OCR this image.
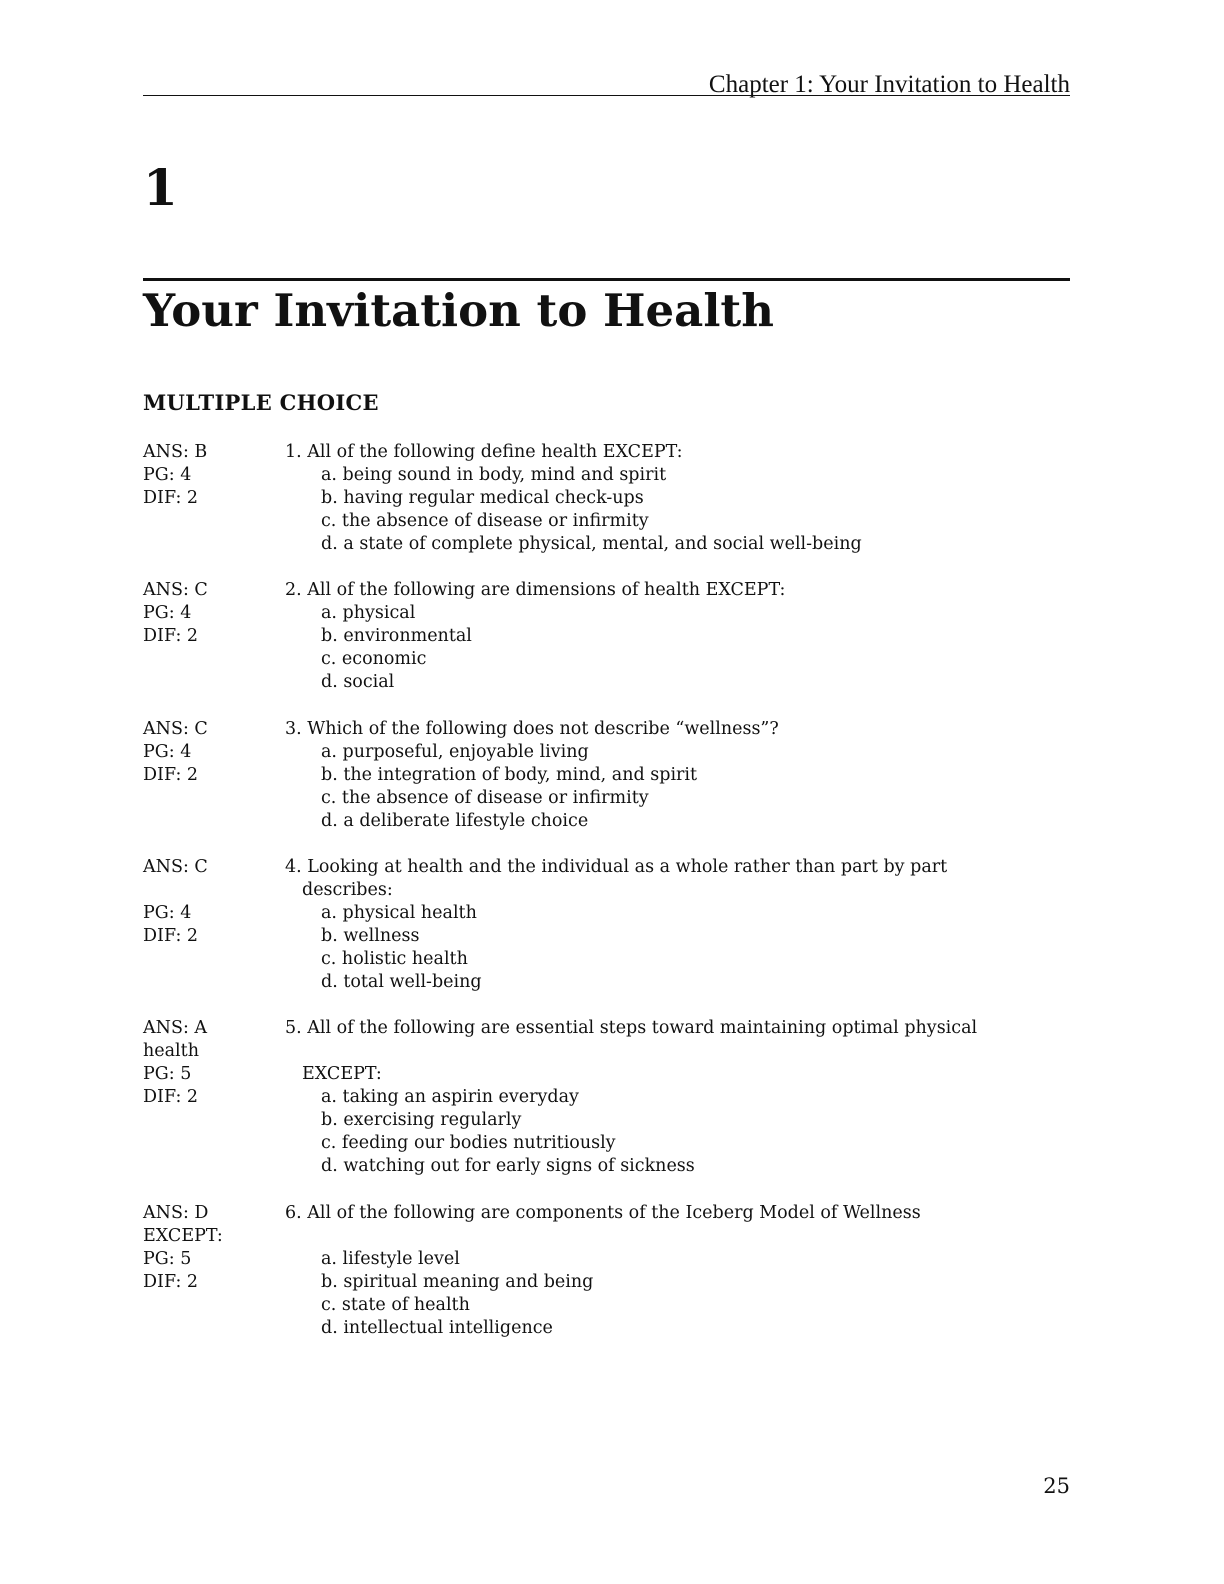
Chapter 1: Your Invitation to Health
1
Your Invitation to Health
MULTIPLE CHOICE
ANS: B
PG: 4
DIF: 2
1. All of the following define health EXCEPT:
a. being sound in body, mind and spirit
b. having regular medical check-ups
c. the absence of disease or infirmity
d. a state of complete physical, mental, and social well-being
ANS: C
PG: 4
DIF: 2
2. All of the following are dimensions of health EXCEPT:
a. physical
b. environmental
c. economic
d. social
ANS: C
PG: 4
DIF: 2
3. Which of the following does not describe “wellness”?
a. purposeful, enjoyable living
b. the integration of body, mind, and spirit
c. the absence of disease or infirmity
d. a deliberate lifestyle choice
ANS: C
PG: 4
DIF: 2
4. Looking at health and the individual as a whole rather than part by part
describes:
a. physical health
b. wellness
c. holistic health
d. total well-being
ANS: A
health
PG: 5
DIF: 2
5. All of the following are essential steps toward maintaining optimal physical
EXCEPT:
a. taking an aspirin everyday
b. exercising regularly
c. feeding our bodies nutritiously
d. watching out for early signs of sickness
ANS: D
EXCEPT:
PG: 5
DIF: 2
6. All of the following are components of the Iceberg Model of Wellness
a. lifestyle level
b. spiritual meaning and being
c. state of health
d. intellectual intelligence
25
